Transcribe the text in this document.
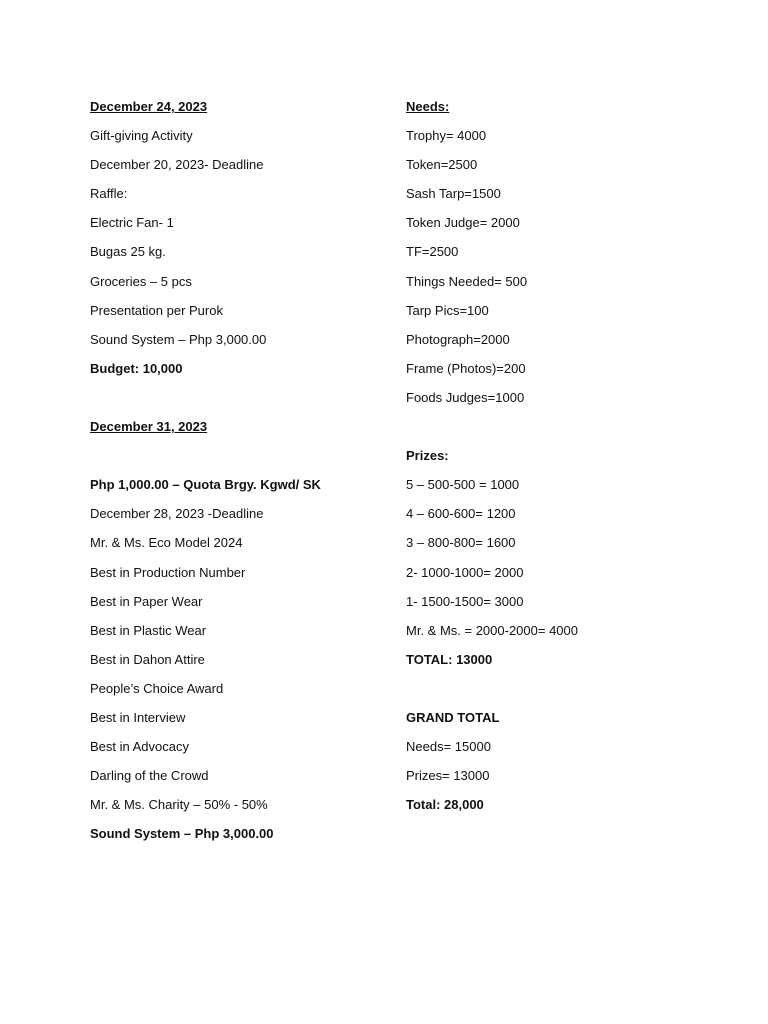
December 24, 2023
Gift-giving Activity
December 20, 2023- Deadline
Raffle:
Electric Fan- 1
Bugas 25 kg.
Groceries – 5 pcs
Presentation per Purok
Sound System – Php 3,000.00
Budget: 10,000
December 31, 2023
Php 1,000.00 – Quota Brgy. Kgwd/ SK
December 28, 2023 -Deadline
Mr. & Ms. Eco Model 2024
Best in Production Number
Best in Paper Wear
Best in Plastic Wear
Best in Dahon Attire
People’s Choice Award
Best in Interview
Best in Advocacy
Darling of the Crowd
Mr. & Ms. Charity – 50% - 50%
Sound System – Php 3,000.00
Needs:
Trophy= 4000
Token=2500
Sash Tarp=1500
Token Judge= 2000
TF=2500
Things Needed= 500
Tarp Pics=100
Photograph=2000
Frame (Photos)=200
Foods Judges=1000
Prizes:
5 – 500-500 = 1000
4 – 600-600= 1200
3 – 800-800= 1600
2- 1000-1000= 2000
1- 1500-1500= 3000
Mr. & Ms. = 2000-2000= 4000
TOTAL: 13000
GRAND TOTAL
Needs= 15000
Prizes= 13000
Total: 28,000
